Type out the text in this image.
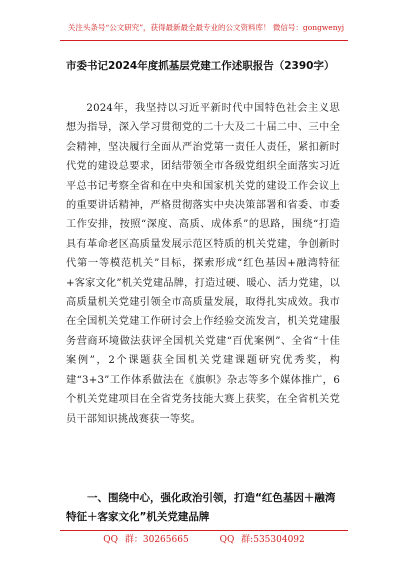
关注头条号“公文研究”，获得最新最全最专业的公文资料库！ 微信号：gongwenyj
市委书记2024年度抓基层党建工作述职报告（2390字）
2024年，我坚持以习近平新时代中国特色社会主义思想为指导，深入学习贯彻党的二十大及二十届二中、三中全会精神，坚决履行全面从严治党第一责任人责任，紧扣新时代党的建设总要求，团结带领全市各级党组织全面落实习近平总书记考察全省和在中央和国家机关党的建设工作会议上的重要讲话精神，严格贯彻落实中央决策部署和省委、市委工作安排，按照“深度、高质、成体系”的思路，围绕“打造具有革命老区高质量发展示范区特质的机关党建，争创新时代第一等模范机关”目标，探索形成“红色基因+融湾特征+客家文化”机关党建品牌，打造过硬、暖心、活力党建，以高质量机关党建引领全市高质量发展，取得扎实成效。我市在全国机关党建工作研讨会上作经验交流发言，机关党建服务营商环境做法获评全国机关党建“百优案例”、全省“十佳案例”，2个课题获全国机关党建课题研究优秀奖，构建“3+3”工作体系做法在《旗帜》杂志等多个媒体推广，6个机关党建项目在全省党务技能大赛上获奖，在全省机关党员干部知识挑战赛获一等奖。
一、围绕中心，强化政治引领，打造“红色基因＋融湾特征＋客家文化”机关党建品牌
QQ 群：30265665	QQ 群:535304092
